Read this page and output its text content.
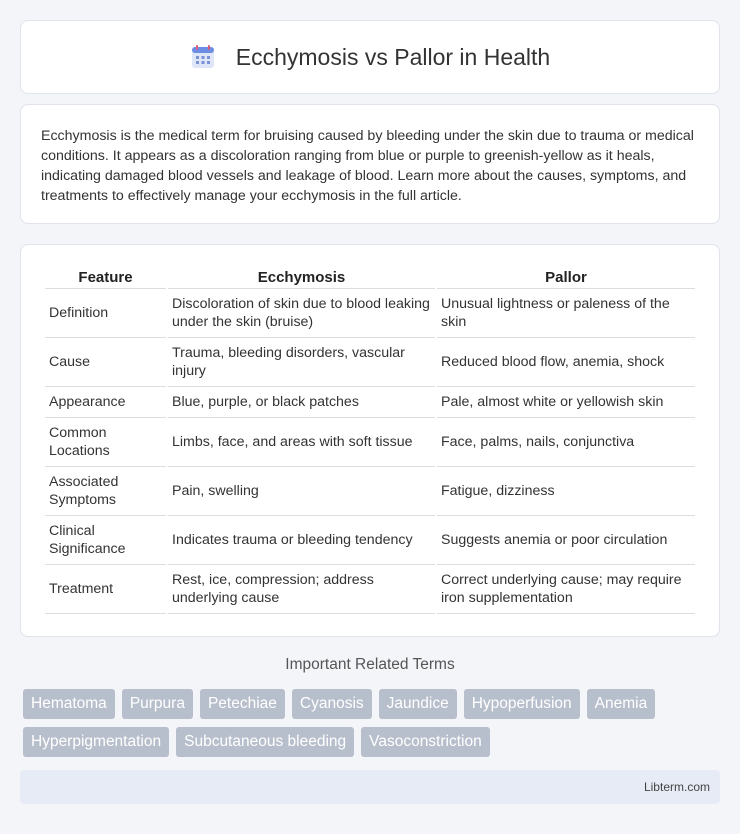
Ecchymosis vs Pallor in Health

Ecchymosis is the medical term for bruising caused by bleeding under the skin due to trauma or medical conditions. It appears as a discoloration ranging from blue or purple to greenish-yellow as it heals, indicating damaged blood vessels and leakage of blood. Learn more about the causes, symptoms, and treatments to effectively manage your ecchymosis in the full article.

Feature	Ecchymosis	Pallor
Definition	Discoloration of skin due to blood leaking under the skin (bruise)	Unusual lightness or paleness of the skin
Cause	Trauma, bleeding disorders, vascular injury	Reduced blood flow, anemia, shock
Appearance	Blue, purple, or black patches	Pale, almost white or yellowish skin
Common Locations	Limbs, face, and areas with soft tissue	Face, palms, nails, conjunctiva
Associated Symptoms	Pain, swelling	Fatigue, dizziness
Clinical Significance	Indicates trauma or bleeding tendency	Suggests anemia or poor circulation
Treatment	Rest, ice, compression; address underlying cause	Correct underlying cause; may require iron supplementation
Important Related Terms
Hematoma	Purpura	Petechiae	Cyanosis	Jaundice	Hypoperfusion	Anemia
Hyperpigmentation	Subcutaneous bleeding	Vasoconstriction
Libterm.com
